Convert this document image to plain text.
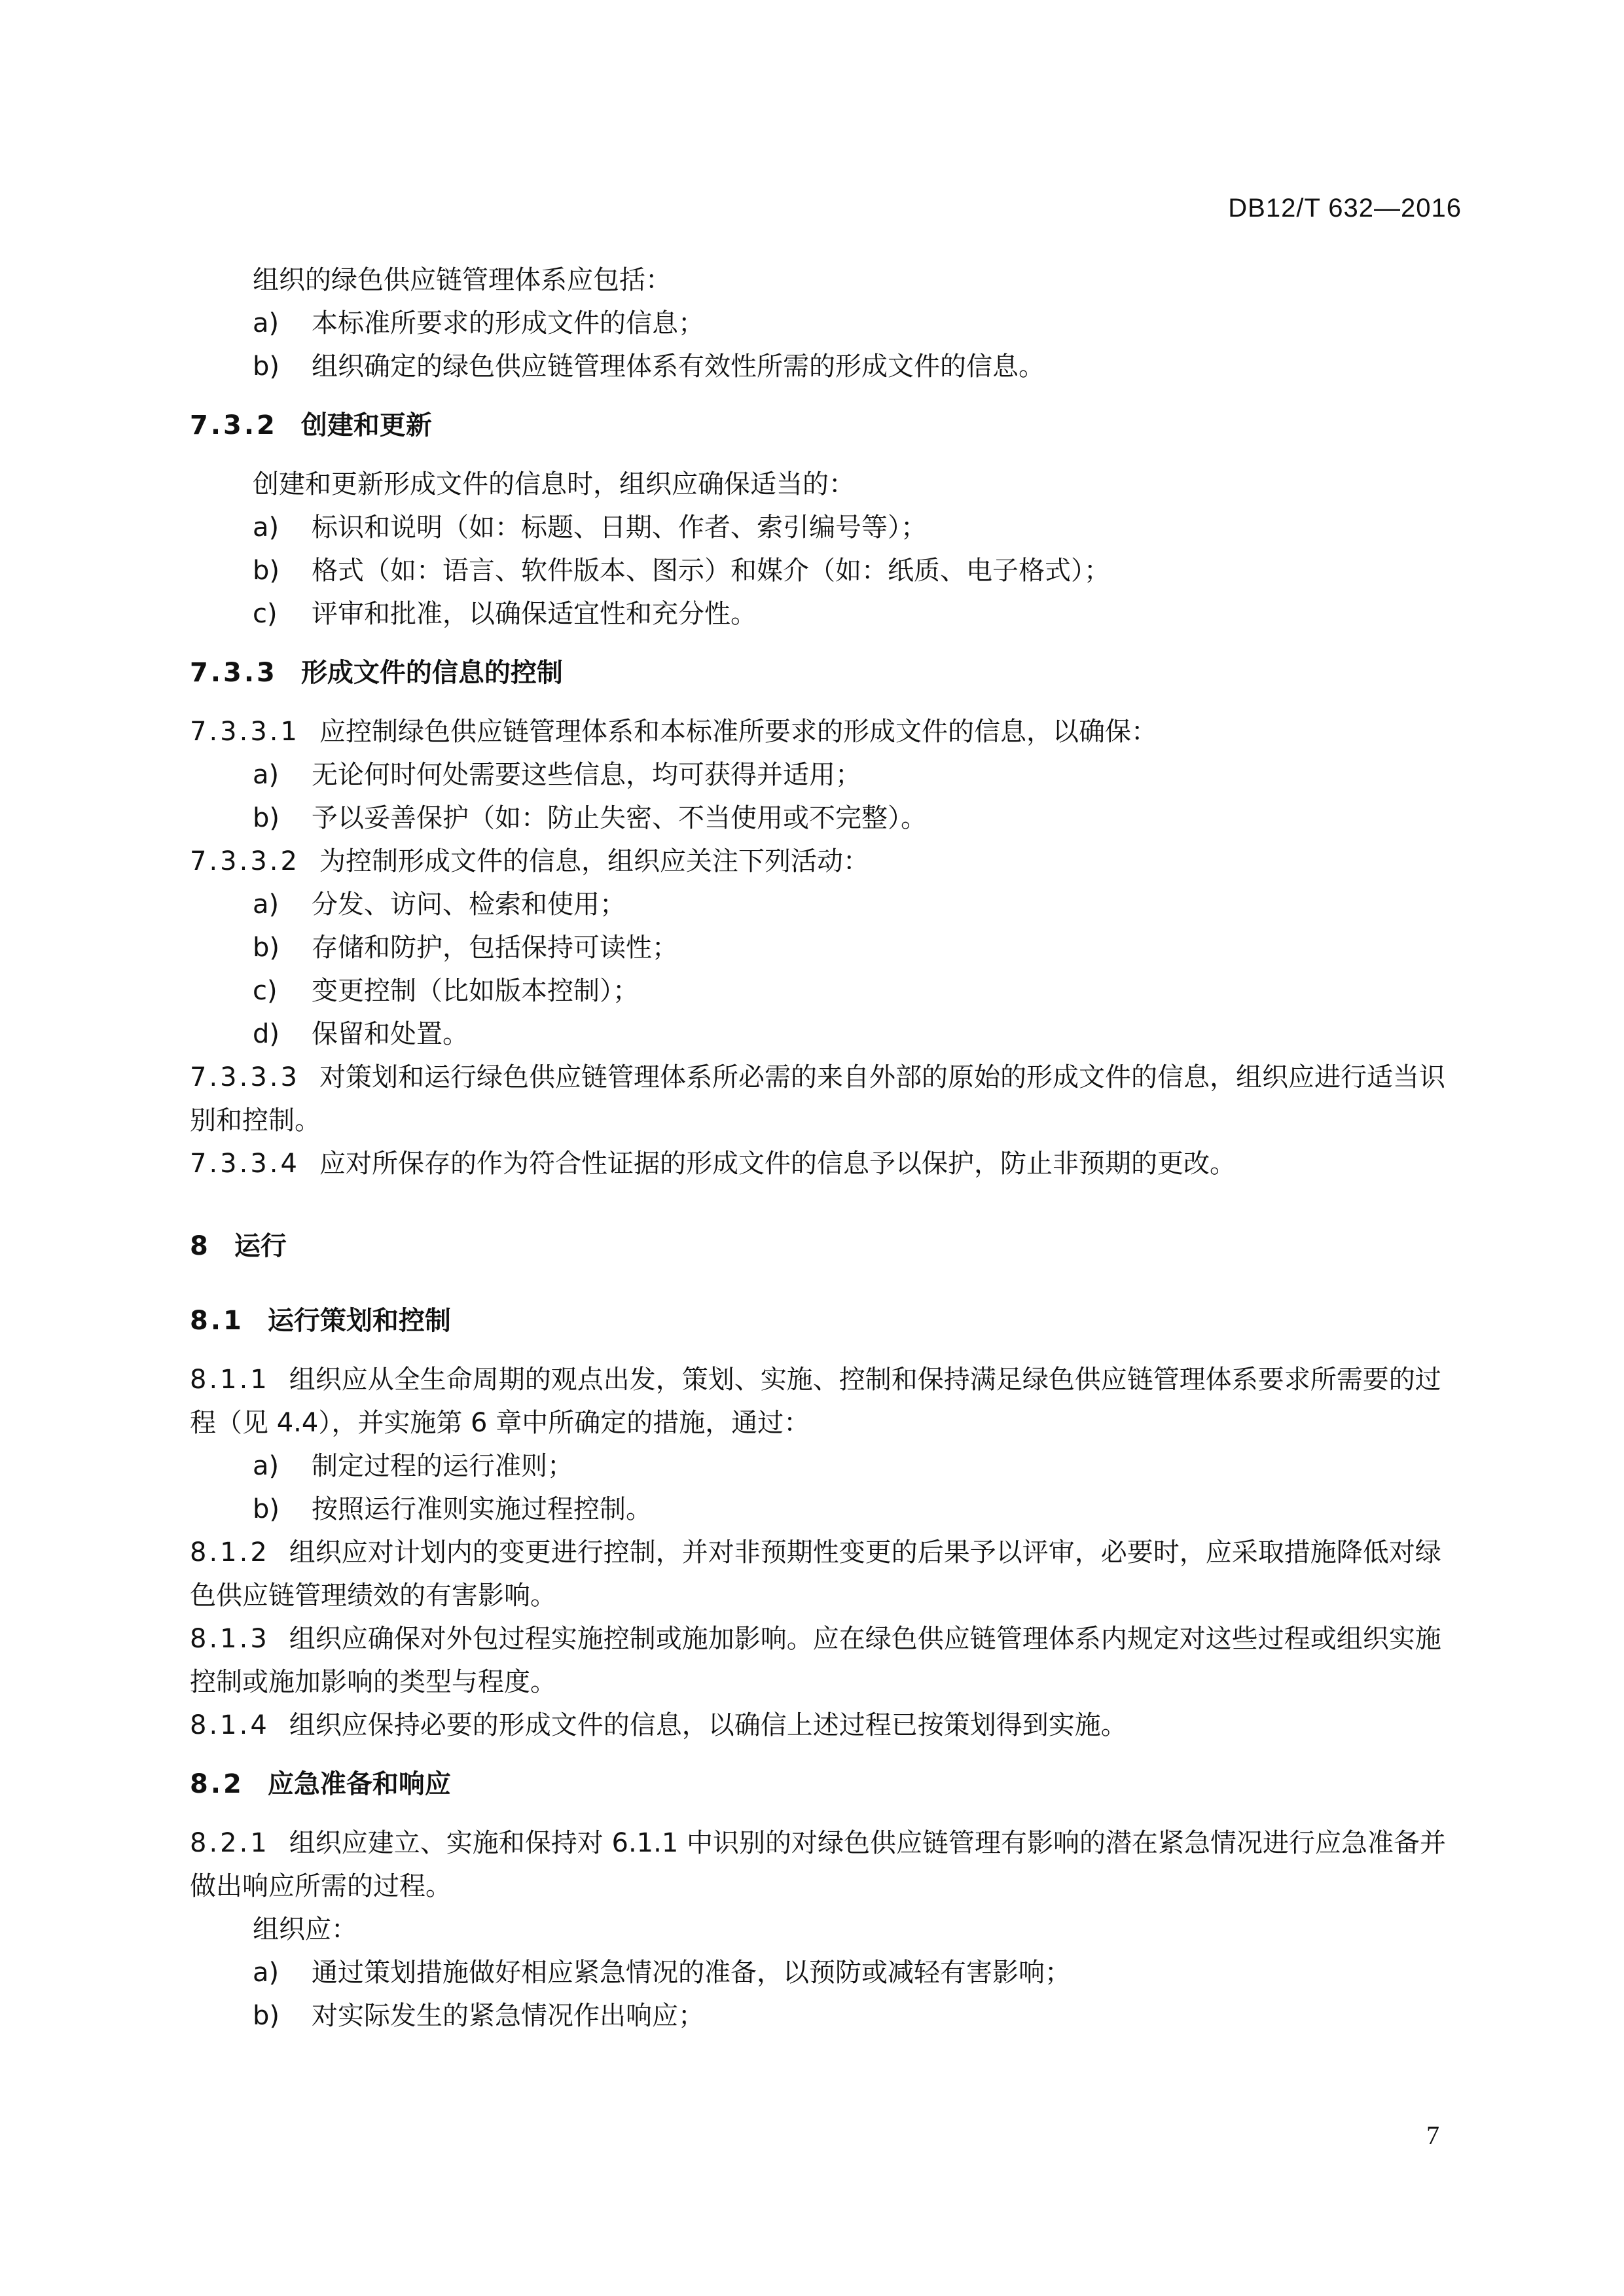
DB12/T 632—2016
组织的绿色供应链管理体系应包括：
a)	本标准所要求的形成文件的信息；
b)	组织确定的绿色供应链管理体系有效性所需的形成文件的信息。
7.3.2 创建和更新
创建和更新形成文件的信息时，组织应确保适当的：
a)	标识和说明（如：标题、日期、作者、索引编号等）；
b)	格式（如：语言、软件版本、图示）和媒介（如：纸质、电子格式）；
c)	评审和批准，以确保适宜性和充分性。
7.3.3 形成文件的信息的控制
7.3.3.1 应控制绿色供应链管理体系和本标准所要求的形成文件的信息，以确保：
a)	无论何时何处需要这些信息，均可获得并适用；
b)	予以妥善保护（如：防止失密、不当使用或不完整）。
7.3.3.2 为控制形成文件的信息，组织应关注下列活动：
a)	分发、访问、检索和使用；
b)	存储和防护，包括保持可读性；
c)	变更控制（比如版本控制）；
d)	保留和处置。
7.3.3.3 对策划和运行绿色供应链管理体系所必需的来自外部的原始的形成文件的信息，组织应进行适当识别和控制。
7.3.3.4 应对所保存的作为符合性证据的形成文件的信息予以保护，防止非预期的更改。
8 运行
8.1 运行策划和控制
8.1.1 组织应从全生命周期的观点出发，策划、实施、控制和保持满足绿色供应链管理体系要求所需要的过程（见 4.4），并实施第 6 章中所确定的措施，通过：
a)	制定过程的运行准则；
b)	按照运行准则实施过程控制。
8.1.2 组织应对计划内的变更进行控制，并对非预期性变更的后果予以评审，必要时，应采取措施降低对绿色供应链管理绩效的有害影响。
8.1.3 组织应确保对外包过程实施控制或施加影响。应在绿色供应链管理体系内规定对这些过程或组织实施控制或施加影响的类型与程度。
8.1.4 组织应保持必要的形成文件的信息，以确信上述过程已按策划得到实施。
8.2 应急准备和响应
8.2.1 组织应建立、实施和保持对 6.1.1 中识别的对绿色供应链管理有影响的潜在紧急情况进行应急准备并做出响应所需的过程。
组织应：
a)	通过策划措施做好相应紧急情况的准备，以预防或减轻有害影响；
b)	对实际发生的紧急情况作出响应；
7
